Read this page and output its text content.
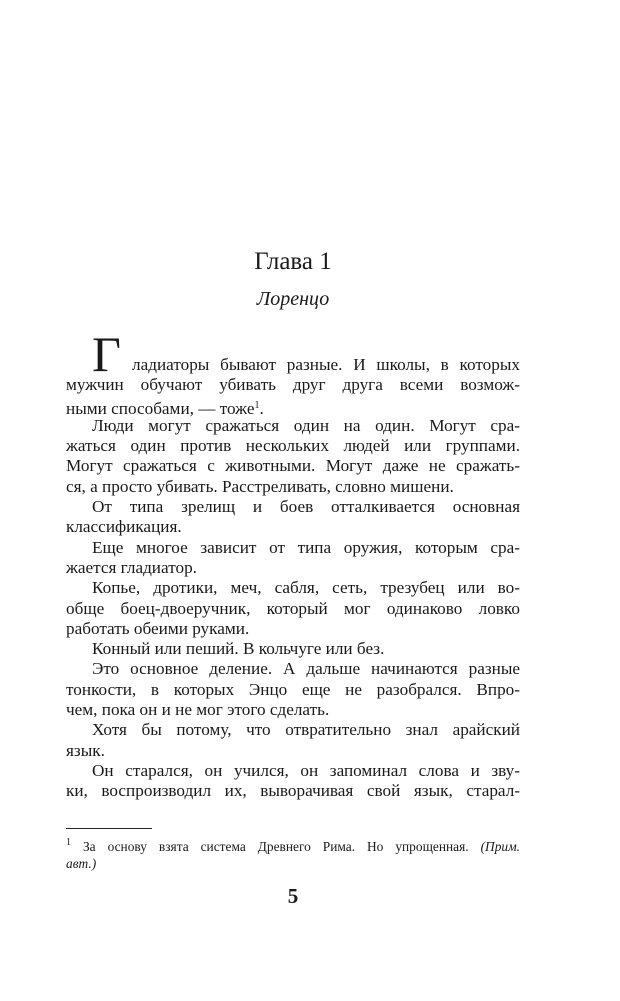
Глава 1
Лоренцо
Г ладиаторы бывают разные. И школы, в которых
мужчин обучают убивать друг друга всеми возмож-
ными способами, — тоже$^1$.
Люди могут сражаться один на один. Могут сра-
жаться один против нескольких людей или группами.
Могут сражаться с животными. Могут даже не сражать-
ся, а просто убивать. Расстреливать, словно мишени.
От типа зрелищ и боев отталкивается основная
классификация.
Еще многое зависит от типа оружия, которым сра-
жается гладиатор.
Копье, дротики, меч, сабля, сеть, трезубец или во-
обще боец-двоеручник, который мог одинаково ловко
работать обеими руками.
Конный или пеший. В кольчуге или без.
Это основное деление. А дальше начинаются разные
тонкости, в которых Энцо еще не разобрался. Впро-
чем, пока он и не мог этого сделать.
Хотя бы потому, что отвратительно знал арайский
язык.
Он старался, он учился, он запоминал слова и зву-
ки, воспроизводил их, выворачивая свой язык, старал-
$^1$ За основу взята система Древнего Рима. Но упрощенная. (Прим.
авт.)
5
